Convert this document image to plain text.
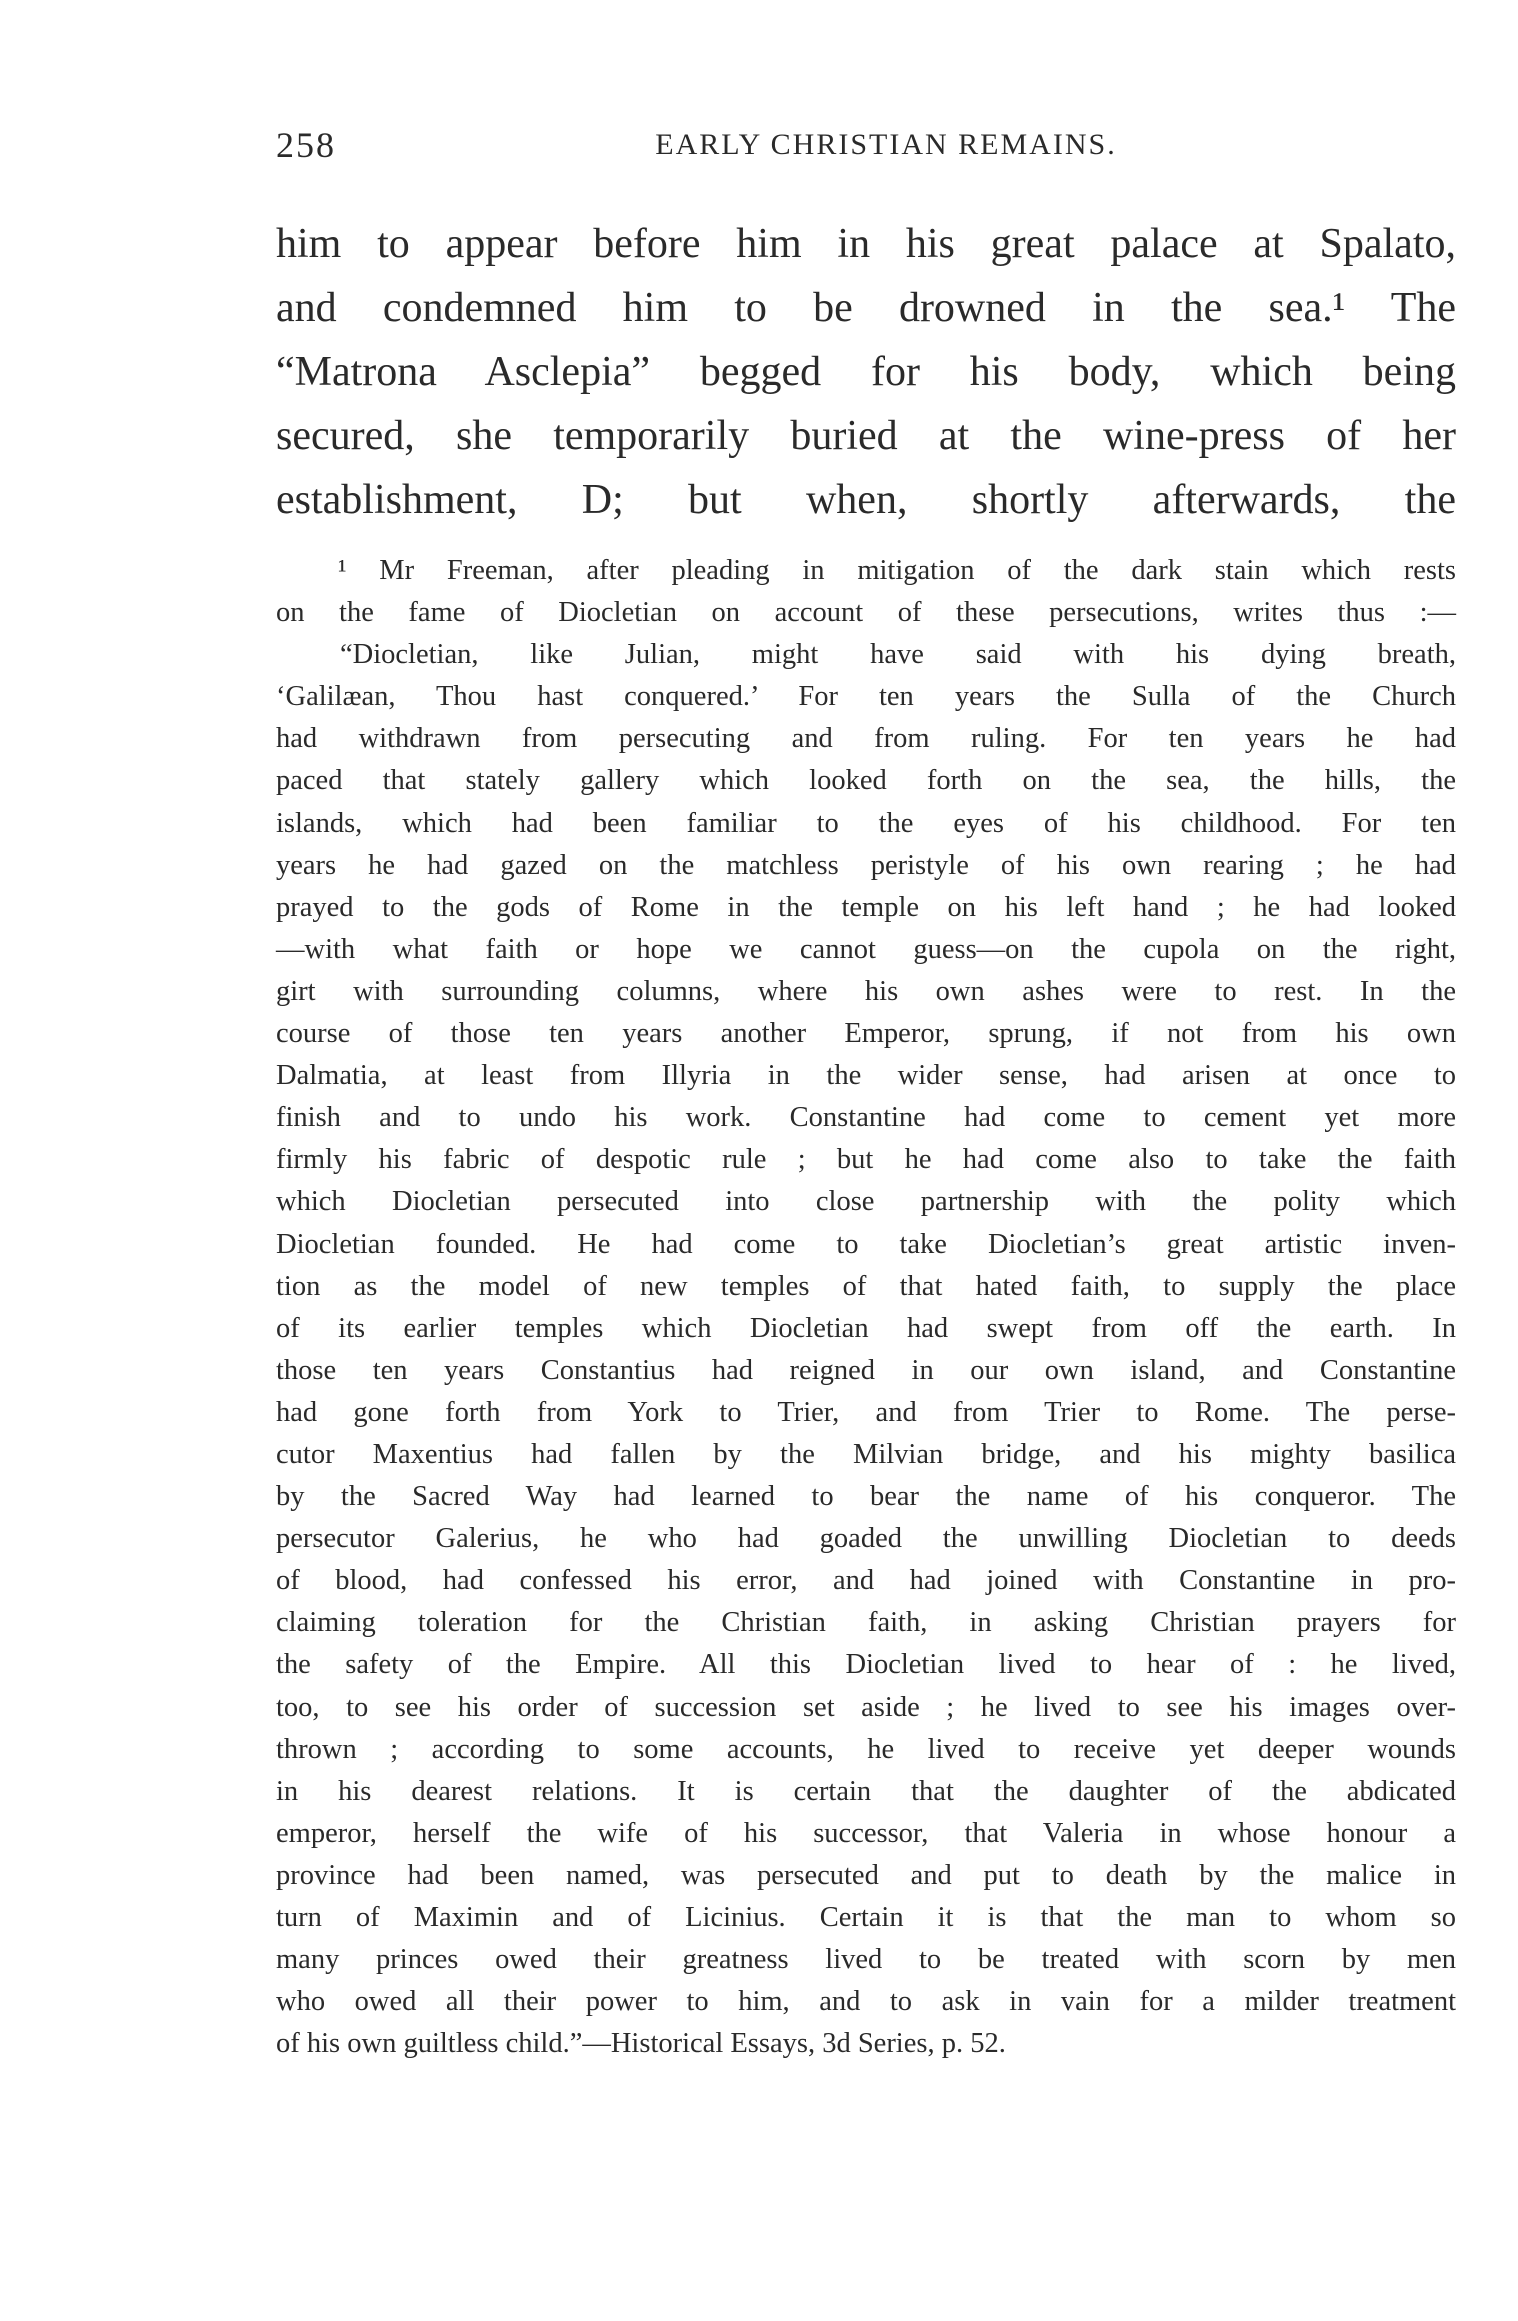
258	EARLY CHRISTIAN REMAINS.
him to appear before him in his great palace at Spalato,
and condemned him to be drowned in the sea.¹ The
“Matrona Asclepia” begged for his body, which being
secured, she temporarily buried at the wine-press of her
establishment, D; but when, shortly afterwards, the
¹ Mr Freeman, after pleading in mitigation of the dark stain which rests
on the fame of Diocletian on account of these persecutions, writes thus :—
“Diocletian, like Julian, might have said with his dying breath,
‘Galilæan, Thou hast conquered.’ For ten years the Sulla of the Church
had withdrawn from persecuting and from ruling. For ten years he had
paced that stately gallery which looked forth on the sea, the hills, the
islands, which had been familiar to the eyes of his childhood. For ten
years he had gazed on the matchless peristyle of his own rearing ; he had
prayed to the gods of Rome in the temple on his left hand ; he had looked
—with what faith or hope we cannot guess—on the cupola on the right,
girt with surrounding columns, where his own ashes were to rest. In the
course of those ten years another Emperor, sprung, if not from his own
Dalmatia, at least from Illyria in the wider sense, had arisen at once to
finish and to undo his work. Constantine had come to cement yet more
firmly his fabric of despotic rule ; but he had come also to take the faith
which Diocletian persecuted into close partnership with the polity which
Diocletian founded. He had come to take Diocletian’s great artistic inven-
tion as the model of new temples of that hated faith, to supply the place
of its earlier temples which Diocletian had swept from off the earth. In
those ten years Constantius had reigned in our own island, and Constantine
had gone forth from York to Trier, and from Trier to Rome. The perse-
cutor Maxentius had fallen by the Milvian bridge, and his mighty basilica
by the Sacred Way had learned to bear the name of his conqueror. The
persecutor Galerius, he who had goaded the unwilling Diocletian to deeds
of blood, had confessed his error, and had joined with Constantine in pro-
claiming toleration for the Christian faith, in asking Christian prayers for
the safety of the Empire. All this Diocletian lived to hear of : he lived,
too, to see his order of succession set aside ; he lived to see his images over-
thrown ; according to some accounts, he lived to receive yet deeper wounds
in his dearest relations. It is certain that the daughter of the abdicated
emperor, herself the wife of his successor, that Valeria in whose honour a
province had been named, was persecuted and put to death by the malice in
turn of Maximin and of Licinius. Certain it is that the man to whom so
many princes owed their greatness lived to be treated with scorn by men
who owed all their power to him, and to ask in vain for a milder treatment
of his own guiltless child.”—Historical Essays, 3d Series, p. 52.
